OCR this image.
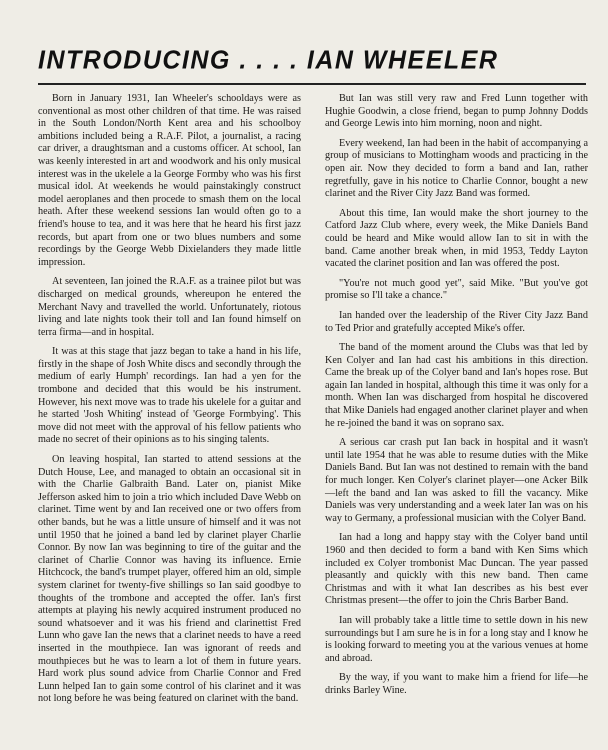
INTRODUCING . . . . IAN WHEELER

Born in January 1931, Ian Wheeler's schooldays were as conventional as most other children of that time. He was raised in the South London/North Kent area and his schoolboy ambitions included being a R.A.F. Pilot, a journalist, a racing car driver, a draughtsman and a customs officer. At school, Ian was keenly interested in art and woodwork and his only musical interest was in the ukelele a la George Formby who was his first musical idol. At weekends he would painstakingly construct model aeroplanes and then procede to smash them on the local heath. After these weekend sessions Ian would often go to a friend's house to tea, and it was here that he heard his first jazz records, but apart from one or two blues numbers and some recordings by the George Webb Dixielanders they made little impression.

At seventeen, Ian joined the R.A.F. as a trainee pilot but was discharged on medical grounds, whereupon he entered the Merchant Navy and travelled the world. Unfortunately, riotous living and late nights took their toll and Ian found himself on terra firma—and in hospital.

It was at this stage that jazz began to take a hand in his life, firstly in the shape of Josh White discs and secondly through the medium of early Humph' recordings. Ian had a yen for the trombone and decided that this would be his instrument. However, his next move was to trade his ukelele for a guitar and he started 'Josh Whiting' instead of 'George Formbying'. This move did not meet with the approval of his fellow patients who made no secret of their opinions as to his singing talents.

On leaving hospital, Ian started to attend sessions at the Dutch House, Lee, and managed to obtain an occasional sit in with the Charlie Galbraith Band. Later on, pianist Mike Jefferson asked him to join a trio which included Dave Webb on clarinet. Time went by and Ian received one or two offers from other bands, but he was a little unsure of himself and it was not until 1950 that he joined a band led by clarinet player Charlie Connor. By now Ian was beginning to tire of the guitar and the clarinet of Charlie Connor was having its influence. Ernie Hitchcock, the band's trumpet player, offered him an old, simple system clarinet for twenty-five shillings so Ian said goodbye to thoughts of the trombone and accepted the offer. Ian's first attempts at playing his newly acquired instrument produced no sound whatsoever and it was his friend and clarinettist Fred Lunn who gave Ian the news that a clarinet needs to have a reed inserted in the mouthpiece. Ian was ignorant of reeds and mouthpieces but he was to learn a lot of them in future years. Hard work plus sound advice from Charlie Connor and Fred Lunn helped Ian to gain some control of his clarinet and it was not long before he was being featured on clarinet with the band.

But Ian was still very raw and Fred Lunn together with Hughie Goodwin, a close friend, began to pump Johnny Dodds and George Lewis into him morning, noon and night.

Every weekend, Ian had been in the habit of accompanying a group of musicians to Mottingham woods and practicing in the open air. Now they decided to form a band and Ian, rather regretfully, gave in his notice to Charlie Connor, bought a new clarinet and the River City Jazz Band was formed.

About this time, Ian would make the short journey to the Catford Jazz Club where, every week, the Mike Daniels Band could be heard and Mike would allow Ian to sit in with the band. Came another break when, in mid 1953, Teddy Layton vacated the clarinet position and Ian was offered the post.

"You're not much good yet", said Mike. "But you've got promise so I'll take a chance."

Ian handed over the leadership of the River City Jazz Band to Ted Prior and gratefully accepted Mike's offer.

The band of the moment around the Clubs was that led by Ken Colyer and Ian had cast his ambitions in this direction. Came the break up of the Colyer band and Ian's hopes rose. But again Ian landed in hospital, although this time it was only for a month. When Ian was discharged from hospital he discovered that Mike Daniels had engaged another clarinet player and when he re-joined the band it was on soprano sax.

A serious car crash put Ian back in hospital and it wasn't until late 1954 that he was able to resume duties with the Mike Daniels Band. But Ian was not destined to remain with the band for much longer. Ken Colyer's clarinet player—one Acker Bilk—left the band and Ian was asked to fill the vacancy. Mike Daniels was very understanding and a week later Ian was on his way to Germany, a professional musician with the Colyer Band.

Ian had a long and happy stay with the Colyer band until 1960 and then decided to form a band with Ken Sims which included ex Colyer trombonist Mac Duncan. The year passed pleasantly and quickly with this new band. Then came Christmas and with it what Ian describes as his best ever Christmas present—the offer to join the Chris Barber Band.

Ian will probably take a little time to settle down in his new surroundings but I am sure he is in for a long stay and I know he is looking forward to meeting you at the various venues at home and abroad.

By the way, if you want to make him a friend for life—he drinks Barley Wine.
